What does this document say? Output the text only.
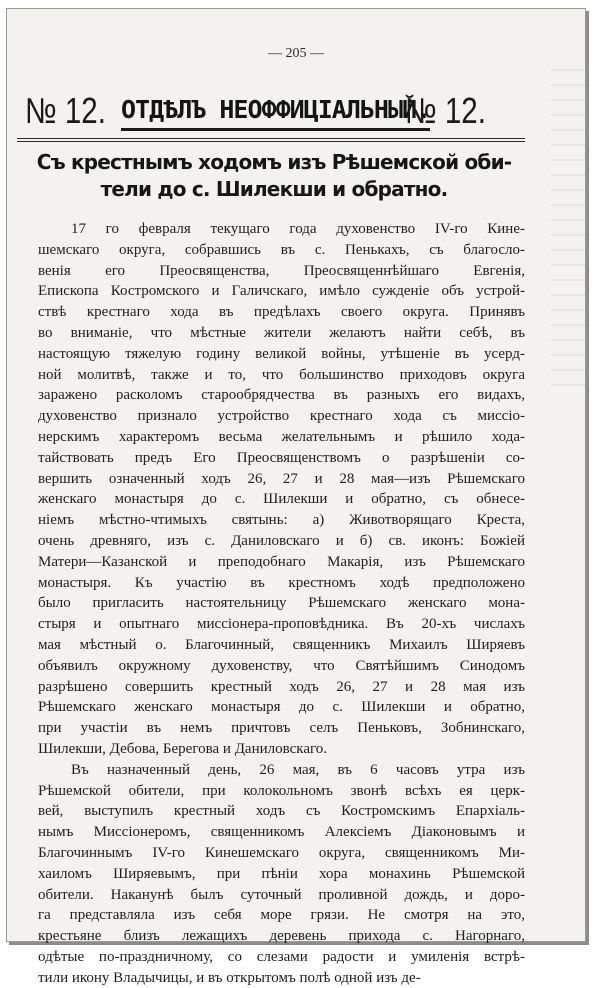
— 205 —
№ 12. ОТДѢЛЪ НЕОФФИЦІАЛЬНЫЙ.
№ 12.
Съ крестнымъ ходомъ изъ Рѣшемской оби-
тели до с. Шилекши и обратно.
17 го февраля текущаго года духовенство IV-го Кине-
шемскаго округа, собравшись въ с. Пенькахъ, съ благосло-
венія его Преосвященства, Преосвященнѣйшаго Евгенія,
Епископа Костромского и Галичскаго, имѣло сужденіе объ устрой-
ствѣ крестнаго хода въ предѣлахъ своего округа. Принявъ
во вниманіе, что мѣстные жители желаютъ найти себѣ, въ
настоящую тяжелую годину великой войны, утѣшеніе въ усерд-
ной молитвѣ, также и то, что большинство приходовъ округа
заражено расколомъ старообрядчества въ разныхъ его видахъ,
духовенство признало устройство крестнаго хода съ миссіо-
нерскимъ характеромъ весьма желательнымъ и рѣшило хода-
тайствовать предъ Его Преосвященствомъ о разрѣшеніи со-
вершить означенный ходъ 26, 27 и 28 мая—изъ Рѣшемскаго
женскаго монастыря до с. Шилекши и обратно, съ обнесе-
ніемъ мѣстно-чтимыхъ святынь: а) Животворящаго Креста,
очень древняго, изъ с. Даниловскаго и б) св. иконъ: Божіей
Матери—Казанской и преподобнаго Макарія, изъ Рѣшемскаго
монастыря. Къ участію въ крестномъ ходѣ предположено
было пригласить настоятельницу Рѣшемскаго женскаго мона-
стыря и опытнаго миссіонера-проповѣдника. Въ 20-хъ числахъ
мая мѣстный о. Благочинный, священникъ Михаилъ Ширяевъ
объявилъ окружному духовенству, что Святѣйшимъ Синодомъ
разрѣшено совершить крестный ходъ 26, 27 и 28 мая изъ
Рѣшемскаго женскаго монастыря до с. Шилекши и обратно,
при участіи въ немъ причтовъ селъ Пеньковъ, Зобнинскаго,
Шилекши, Дебова, Берегова и Даниловскаго.
Въ назначенный день, 26 мая, въ 6 часовъ утра изъ
Рѣшемской обители, при колокольномъ звонѣ всѣхъ ея церк-
вей, выступилъ крестный ходъ съ Костромскимъ Епархіаль-
нымъ Миссіонеромъ, священникомъ Алексіемъ Діаконовымъ и
Благочиннымъ IV-го Кинешемскаго округа, священникомъ Ми-
хаиломъ Ширяевымъ, при пѣніи хора монахинь Рѣшемской
обители. Наканунѣ былъ суточный проливной дождь, и доро-
га представляла изъ себя море грязи. Не смотря на это,
крестьяне близъ лежащихъ деревень прихода с. Нагорнаго,
одѣтые по-праздничному, со слезами радости и умиленія встрѣ-
тили икону Владычицы, и въ открытомъ полѣ одной изъ де-
